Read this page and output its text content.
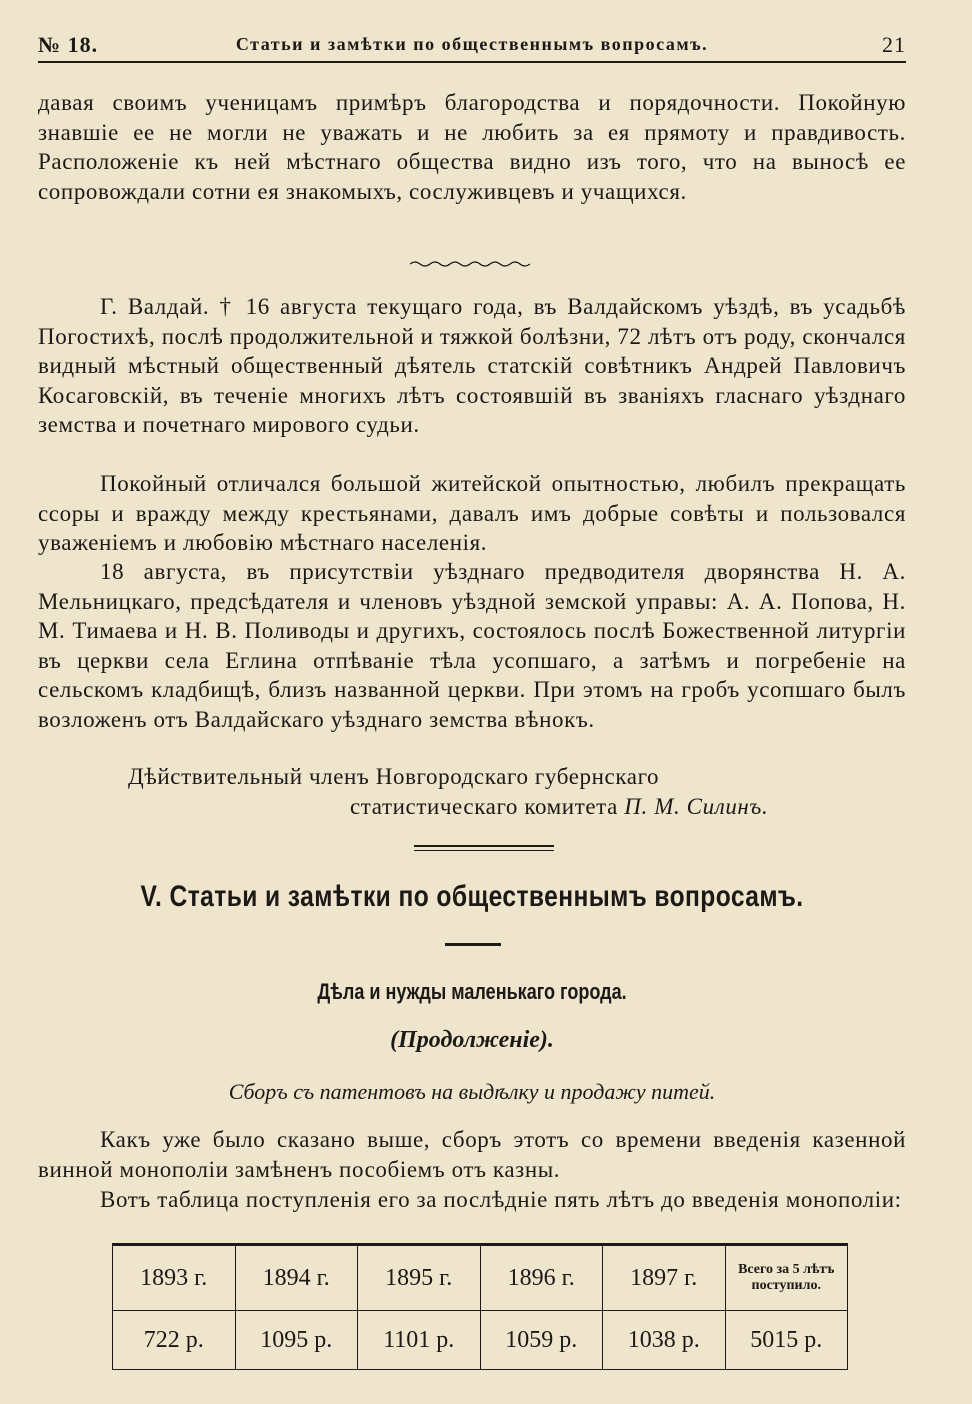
№ 18.	Статьи и замѣтки по общественнымъ вопросамъ.	21
давая своимъ ученицамъ примѣръ благородства и порядочности. Покойную знавшіе ее не могли не уважать и не любить за ея прямоту и правдивость. Расположеніе къ ней мѣстнаго общества видно изъ того, что на выносѣ ее сопровождали сотни ея знакомыхъ, сослуживцевъ и учащихся.
Г. Валдай. † 16 августа текущаго года, въ Валдайскомъ уѣздѣ, въ усадьбѣ Погостихѣ, послѣ продолжительной и тяжкой болѣзни, 72 лѣтъ отъ роду, скончался видный мѣстный общественный дѣятель статскій совѣтникъ Андрей Павловичъ Косаговскій, въ теченіе многихъ лѣтъ состоявшій въ званіяхъ гласнаго уѣзднаго земства и почетнаго мирового судьи.
Покойный отличался большой житейской опытностью, любилъ прекращать ссоры и вражду между крестьянами, давалъ имъ добрые совѣты и пользовался уваженіемъ и любовію мѣстнаго населенія.
18 августа, въ присутствіи уѣзднаго предводителя дворянства Н. А. Мельницкаго, предсѣдателя и членовъ уѣздной земской управы: А. А. Попова, Н. М. Тимаева и Н. В. Поливоды и другихъ, состоялось послѣ Божественной литургіи въ церкви села Еглина отпѣваніе тѣла усопшаго, а затѣмъ и погребеніе на сельскомъ кладбищѣ, близъ названной церкви. При этомъ на гробъ усопшаго былъ возложенъ отъ Валдайскаго уѣзднаго земства вѣнокъ.
Дѣйствительный членъ Новгородскаго губернскаго
статистическаго комитета П. М. Силинъ.
V. Статьи и замѣтки по общественнымъ вопросамъ.
Дѣла и нужды маленькаго города.
(Продолженіе).
Сборъ съ патентовъ на выдѣлку и продажу питей.
Какъ уже было сказано выше, сборъ этотъ со времени введенія казенной винной монополіи замѣненъ пособіемъ отъ казны.
Вотъ таблица поступленія его за послѣдніе пять лѣтъ до введенія монополіи:
1893 г.	1894 г.	1895 г.	1896 г.	1897 г.	Всего за 5 лѣтъ поступило.
722 р.	1095 р.	1101 р.	1059 р.	1038 р.	5015 р.
